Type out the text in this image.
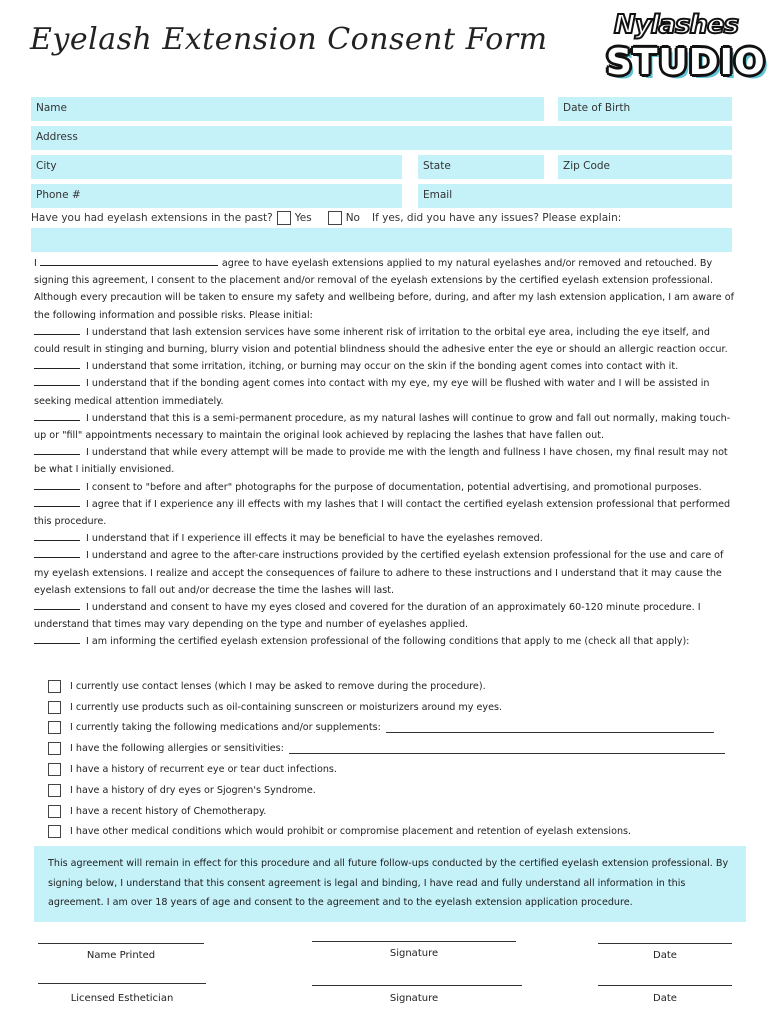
Eyelash Extension Consent Form	Nylashes
STUDIO
Name	Date of Birth
Address
City	State	Zip Code
Phone #	Email
Have you had eyelash extensions in the past? Yes	No If yes, did you have any issues? Please explain:

I	agree to have eyelash extensions applied to my natural eyelashes and/or removed and retouched. By signing this agreement, I consent to the placement and/or removal of the eyelash extensions by the certified eyelash extension professional. Although every precaution will be taken to ensure my safety and wellbeing before, during, and after my lash extension application, I am aware of the following information and possible risks. Please initial:

I understand that lash extension services have some inherent risk of irritation to the orbital eye area, including the eye itself, and could result in stinging and burning, blurry vision and potential blindness should the adhesive enter the eye or should an allergic reaction occur.

I understand that some irritation, itching, or burning may occur on the skin if the bonding agent comes into contact with it.

I understand that if the bonding agent comes into contact with my eye, my eye will be flushed with water and I will be assisted in seeking medical attention immediately.

I understand that this is a semi-permanent procedure, as my natural lashes will continue to grow and fall out normally, making touch-up or "fill" appointments necessary to maintain the original look achieved by replacing the lashes that have fallen out.

I understand that while every attempt will be made to provide me with the length and fullness I have chosen, my final result may not be what I initially envisioned.

I consent to "before and after" photographs for the purpose of documentation, potential advertising, and promotional purposes.

I agree that if I experience any ill effects with my lashes that I will contact the certified eyelash extension professional that performed this procedure.

I understand that if I experience ill effects it may be beneficial to have the eyelashes removed.

I understand and agree to the after-care instructions provided by the certified eyelash extension professional for the use and care of my eyelash extensions. I realize and accept the consequences of failure to adhere to these instructions and I understand that it may cause the eyelash extensions to fall out and/or decrease the time the lashes will last.

I understand and consent to have my eyes closed and covered for the duration of an approximately 60-120 minute procedure. I understand that times may vary depending on the type and number of eyelashes applied.

I am informing the certified eyelash extension professional of the following conditions that apply to me (check all that apply):

I currently use contact lenses (which I may be asked to remove during the procedure).
I currently use products such as oil-containing sunscreen or moisturizers around my eyes.
I currently taking the following medications and/or supplements:
I have the following allergies or sensitivities:
I have a history of recurrent eye or tear duct infections.
I have a history of dry eyes or Sjogren's Syndrome.
I have a recent history of Chemotherapy.
I have other medical conditions which would prohibit or compromise placement and retention of eyelash extensions.
This agreement will remain in effect for this procedure and all future follow-ups conducted by the certified eyelash extension professional. By signing below, I understand that this consent agreement is legal and binding, I have read and fully understand all information in this agreement. I am over 18 years of age and consent to the agreement and to the eyelash extension application procedure.
Name Printed	Signature	Date
Licensed Esthetician	Signature	Date
